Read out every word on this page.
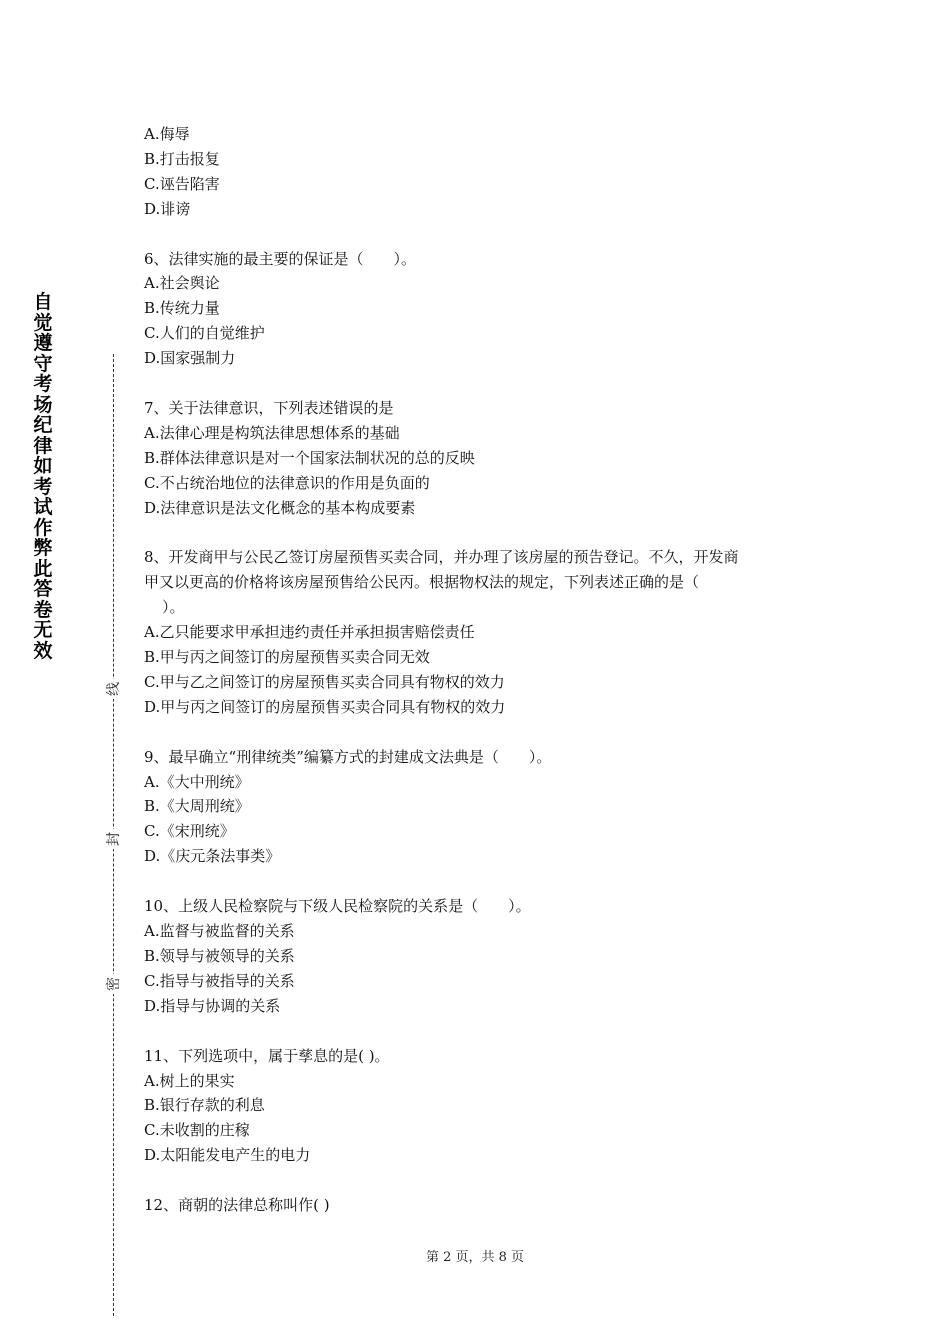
自觉遵守考场纪律如考试作弊此答卷无效
线
封
密
A.侮辱
B.打击报复
C.诬告陷害
D.诽谤
6、法律实施的最主要的保证是（　　）。
A.社会舆论
B.传统力量
C.人们的自觉维护
D.国家强制力
7、关于法律意识，下列表述错误的是
A.法律心理是构筑法律思想体系的基础
B.群体法律意识是对一个国家法制状况的总的反映
C.不占统治地位的法律意识的作用是负面的
D.法律意识是法文化概念的基本构成要素
8、开发商甲与公民乙签订房屋预售买卖合同，并办理了该房屋的预告登记。不久，开发商
甲又以更高的价格将该房屋预售给公民丙。根据物权法的规定，下列表述正确的是（
）。
A.乙只能要求甲承担违约责任并承担损害赔偿责任
B.甲与丙之间签订的房屋预售买卖合同无效
C.甲与乙之间签订的房屋预售买卖合同具有物权的效力
D.甲与丙之间签订的房屋预售买卖合同具有物权的效力
9、最早确立“刑律统类”编纂方式的封建成文法典是（　　）。
A.《大中刑统》
B.《大周刑统》
C.《宋刑统》
D.《庆元条法事类》
10、上级人民检察院与下级人民检察院的关系是（　　）。
A.监督与被监督的关系
B.领导与被领导的关系
C.指导与被指导的关系
D.指导与协调的关系
11、下列选项中，属于孳息的是( )。
A.树上的果实
B.银行存款的利息
C.未收割的庄稼
D.太阳能发电产生的电力
12、商朝的法律总称叫作( )
第 2 页，共 8 页
